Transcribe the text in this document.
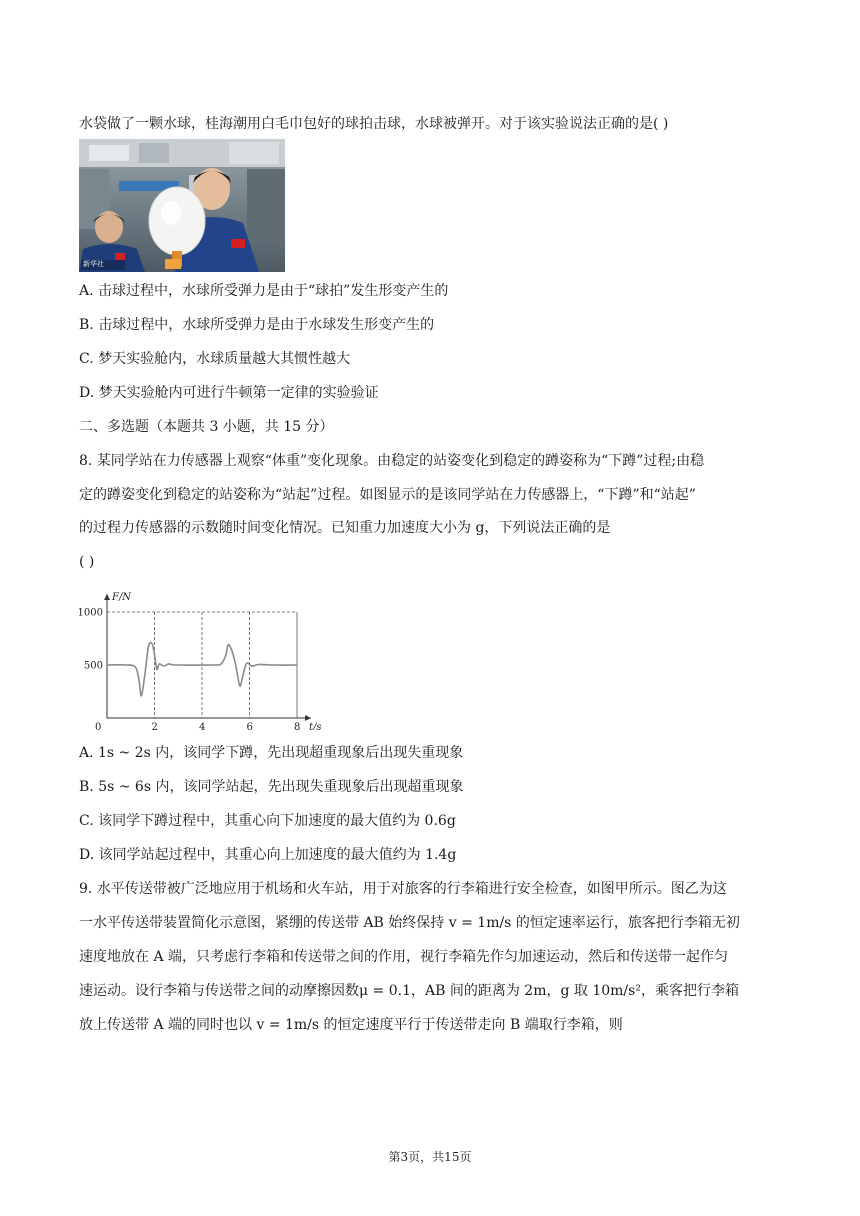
水袋做了一颗水球，桂海潮用白毛巾包好的球拍击球，水球被弹开。对于该实验说法正确的是( )
新华社
A. 击球过程中，水球所受弹力是由于“球拍”发生形变产生的
B. 击球过程中，水球所受弹力是由于水球发生形变产生的
C. 梦天实验舱内，水球质量越大其惯性越大
D. 梦天实验舱内可进行牛顿第一定律的实验验证
二、多选题（本题共 3 小题，共 15 分）
8. 某同学站在力传感器上观察“体重”变化现象。由稳定的站姿变化到稳定的蹲姿称为“下蹲”过程;由稳
定的蹲姿变化到稳定的站姿称为“站起”过程。如图显示的是该同学站在力传感器上，“下蹲”和“站起”
的过程力传感器的示数随时间变化情况。已知重力加速度大小为 g，下列说法正确的是
( )
0	2	4	6	8
500
1000
F/N
t/s
A. 1s ~ 2s 内，该同学下蹲，先出现超重现象后出现失重现象
B. 5s ~ 6s 内，该同学站起，先出现失重现象后出现超重现象
C. 该同学下蹲过程中，其重心向下加速度的最大值约为 0.6g
D. 该同学站起过程中，其重心向上加速度的最大值约为 1.4g
9. 水平传送带被广泛地应用于机场和火车站，用于对旅客的行李箱进行安全检查，如图甲所示。图乙为这
一水平传送带装置简化示意图，紧绷的传送带 AB 始终保持 v = 1m/s 的恒定速率运行，旅客把行李箱无初
速度地放在 A 端，只考虑行李箱和传送带之间的作用，视行李箱先作匀加速运动，然后和传送带一起作匀
速运动。设行李箱与传送带之间的动摩擦因数μ = 0.1，AB 间的距离为 2m，g 取 10m/s²，乘客把行李箱
放上传送带 A 端的同时也以 v = 1m/s 的恒定速度平行于传送带走向 B 端取行李箱，则
第3页，共15页
